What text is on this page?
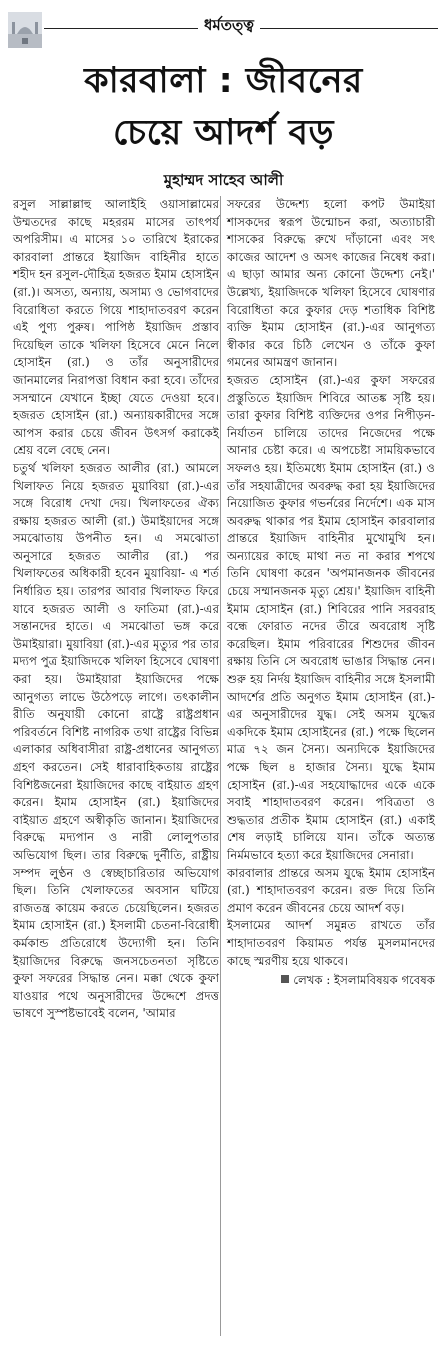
ধর্মতত্ত্ব
কারবালা : জীবনের
চেয়ে আদর্শ বড়
মুহাম্মদ সাহেব আলী

রসুল সাল্লাল্লাহু আলাইহি ওয়াসাল্লামের উম্মতদের কাছে মহররম মাসের তাৎপর্য অপরিসীম। এ মাসের ১০ তারিখে ইরাকের কারবালা প্রান্তরে ইয়াজিদ বাহিনীর হাতে শহীদ হন রসুল-দৌহিত্র হজরত ইমাম হোসাইন (রা.)। অসত্য, অন্যায়, অসাম্য ও ভোগবাদের বিরোধিতা করতে গিয়ে শাহাদাতবরণ করেন এই পুণ্য পুরুষ। পাপিষ্ঠ ইয়াজিদ প্রস্তাব দিয়েছিল তাকে খলিফা হিসেবে মেনে নিলে হোসাইন (রা.) ও তাঁর অনুসারীদের জানমালের নিরাপত্তা বিধান করা হবে। তাঁদের সসম্মানে যেখানে ইচ্ছা যেতে দেওয়া হবে। হজরত হোসাইন (রা.) অন্যায়কারীদের সঙ্গে আপস করার চেয়ে জীবন উৎসর্গ করাকেই শ্রেয় বলে বেছে নেন।

চতুর্থ খলিফা হজরত আলীর (রা.) আমলে খিলাফত নিয়ে হজরত মুয়াবিয়া (রা.)-এর সঙ্গে বিরোধ দেখা দেয়। খিলাফতের ঐক্য রক্ষায় হজরত আলী (রা.) উমাইয়াদের সঙ্গে সমঝোতায় উপনীত হন। এ সমঝোতা অনুসারে হজরত আলীর (রা.) পর খিলাফতের অধিকারী হবেন মুয়াবিয়া- এ শর্ত নির্ধারিত হয়। তারপর আবার খিলাফত ফিরে যাবে হজরত আলী ও ফাতিমা (রা.)-এর সন্তানদের হাতে। এ সমঝোতা ভঙ্গ করে উমাইয়ারা। মুয়াবিয়া (রা.)-এর মৃত্যুর পর তার মদ্যপ পুত্র ইয়াজিদকে খলিফা হিসেবে ঘোষণা করা হয়। উমাইয়ারা ইয়াজিদের পক্ষে আনুগত্য লাভে উঠেপড়ে লাগে। তৎকালীন রীতি অনুযায়ী কোনো রাষ্ট্রে রাষ্ট্রপ্রধান পরিবর্তনে বিশিষ্ট নাগরিক তথা রাষ্ট্রের বিভিন্ন এলাকার অধিবাসীরা রাষ্ট্র-প্রধানের আনুগত্য গ্রহণ করতেন। সেই ধারাবাহিকতায় রাষ্ট্রের বিশিষ্টজনেরা ইয়াজিদের কাছে বাইয়াত গ্রহণ করেন। ইমাম হোসাইন (রা.) ইয়াজিদের বাইয়াত গ্রহণে অস্বীকৃতি জানান। ইয়াজিদের বিরুদ্ধে মদ্যপান ও নারী লোলুপতার অভিযোগ ছিল। তার বিরুদ্ধে দুর্নীতি, রাষ্ট্রীয় সম্পদ লুণ্ঠন ও স্বেচ্ছাচারিতার অভিযোগ ছিল। তিনি খেলাফতের অবসান ঘটিয়ে রাজতন্ত্র কায়েম করতে চেয়েছিলেন। হজরত ইমাম হোসাইন (রা.) ইসলামী চেতনা-বিরোধী কর্মকান্ড প্রতিরোধে উদ্যোগী হন। তিনি ইয়াজিদের বিরুদ্ধে জনসচেতনতা সৃষ্টিতে কুফা সফরের সিদ্ধান্ত নেন। মক্কা থেকে কুফা যাওয়ার পথে অনুসারীদের উদ্দেশে প্রদত্ত ভাষণে সুস্পষ্টভাবেই বলেন, 'আমার

সফরের উদ্দেশ্য হলো কপট উমাইয়া শাসকদের স্বরূপ উন্মোচন করা, অত্যাচারী শাসকের বিরুদ্ধে রুখে দাঁড়ানো এবং সৎ কাজের আদেশ ও অসৎ কাজের নিষেধ করা। এ ছাড়া আমার অন্য কোনো উদ্দেশ্য নেই।' উল্লেখ্য, ইয়াজিদকে খলিফা হিসেবে ঘোষণার বিরোধিতা করে কুফার দেড় শতাধিক বিশিষ্ট ব্যক্তি ইমাম হোসাইন (রা.)-এর আনুগত্য স্বীকার করে চিঠি লেখেন ও তাঁকে কুফা গমনের আমন্ত্রণ জানান।

হজরত হোসাইন (রা.)-এর কুফা সফরের প্রস্তুতিতে ইয়াজিদ শিবিরে আতঙ্ক সৃষ্টি হয়। তারা কুফার বিশিষ্ট ব্যক্তিদের ওপর নিপীড়ন-নির্যাতন চালিয়ে তাদের নিজেদের পক্ষে আনার চেষ্টা করে। এ অপচেষ্টা সাময়িকভাবে সফলও হয়। ইতিমধ্যে ইমাম হোসাইন (রা.) ও তাঁর সহযাত্রীদের অবরুদ্ধ করা হয় ইয়াজিদের নিয়োজিত কুফার গভর্নরের নির্দেশে। এক মাস অবরুদ্ধ থাকার পর ইমাম হোসাইন কারবালার প্রান্তরে ইয়াজিদ বাহিনীর মুখোমুখি হন। অন্যায়ের কাছে মাথা নত না করার শপথে তিনি ঘোষণা করেন 'অপমানজনক জীবনের চেয়ে সম্মানজনক মৃত্যু শ্রেয়।' ইয়াজিদ বাহিনী ইমাম হোসাইন (রা.) শিবিরের পানি সরবরাহ বন্ধে ফোরাত নদের তীরে অবরোধ সৃষ্টি করেছিল। ইমাম পরিবারের শিশুদের জীবন রক্ষায় তিনি সে অবরোধ ভাঙার সিদ্ধান্ত নেন। শুরু হয় নির্দয় ইয়াজিদ বাহিনীর সঙ্গে ইসলামী আদর্শের প্রতি অনুগত ইমাম হোসাইন (রা.)-এর অনুসারীদের যুদ্ধ। সেই অসম যুদ্ধের একদিকে ইমাম হোসাইনের (রা.) পক্ষে ছিলেন মাত্র ৭২ জন সৈন্য। অন্যদিকে ইয়াজিদের পক্ষে ছিল ৪ হাজার সৈন্য। যুদ্ধে ইমাম হোসাইন (রা.)-এর সহযোদ্ধাদের একে একে সবাই শাহাদাতবরণ করেন। পবিত্রতা ও শুদ্ধতার প্রতীক ইমাম হোসাইন (রা.) একাই শেষ লড়াই চালিয়ে যান। তাঁকে অত্যন্ত নির্মমভাবে হত্যা করে ইয়াজিদের সেনারা।

কারবালার প্রান্তরে অসম যুদ্ধে ইমাম হোসাইন (রা.) শাহাদাতবরণ করেন। রক্ত দিয়ে তিনি প্রমাণ করেন জীবনের চেয়ে আদর্শ বড়।

ইসলামের আদর্শ সমুন্নত রাখতে তাঁর শাহাদাতবরণ কিয়ামত পর্যন্ত মুসলমানদের কাছে স্মরণীয় হয়ে থাকবে।

লেখক : ইসলামবিষয়ক গবেষক
